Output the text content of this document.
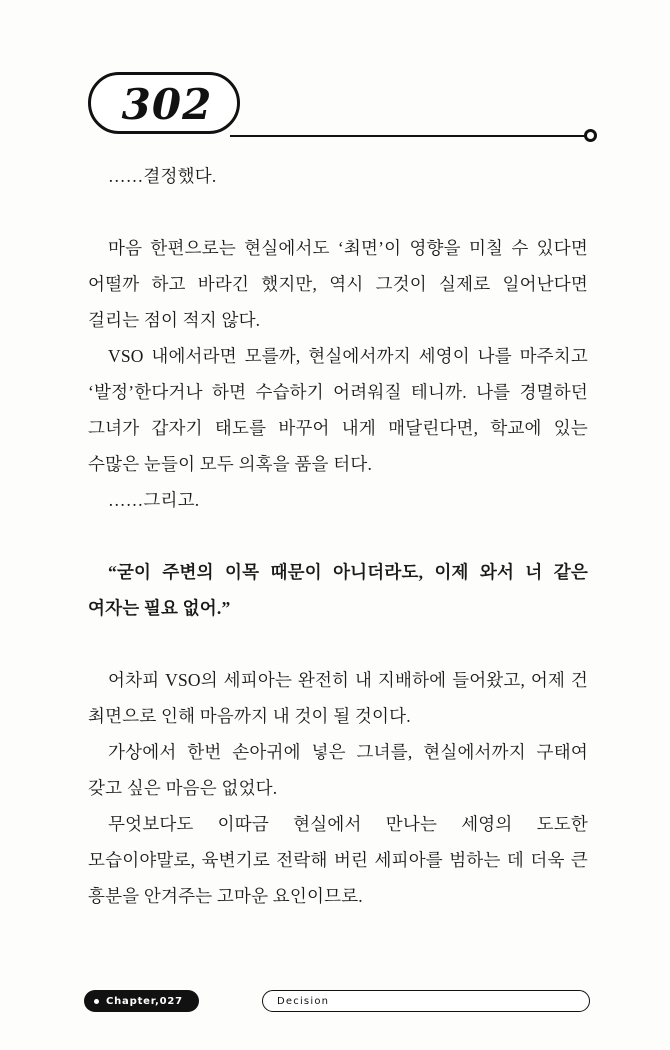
302

……결정했다.

마음 한편으로는 현실에서도 ‘최면’이 영향을 미칠 수 있다면 어떨까 하고 바라긴 했지만, 역시 그것이 실제로 일어난다면 걸리는 점이 적지 않다.

VSO 내에서라면 모를까, 현실에서까지 세영이 나를 마주치고 ‘발정’한다거나 하면 수습하기 어려워질 테니까. 나를 경멸하던 그녀가 갑자기 태도를 바꾸어 내게 매달린다면, 학교에 있는 수많은 눈들이 모두 의혹을 품을 터다.

……그리고.

“굳이 주변의 이목 때문이 아니더라도, 이제 와서 너 같은 여자는 필요 없어.”

어차피 VSO의 세피아는 완전히 내 지배하에 들어왔고, 어제 건 최면으로 인해 마음까지 내 것이 될 것이다.

가상에서 한번 손아귀에 넣은 그녀를, 현실에서까지 구태여 갖고 싶은 마음은 없었다.

무엇보다도 이따금 현실에서 만나는 세영의 도도한 모습이야말로, 육변기로 전락해 버린 세피아를 범하는 데 더욱 큰 흥분을 안겨주는 고마운 요인이므로.

Chapter,027	Decision
